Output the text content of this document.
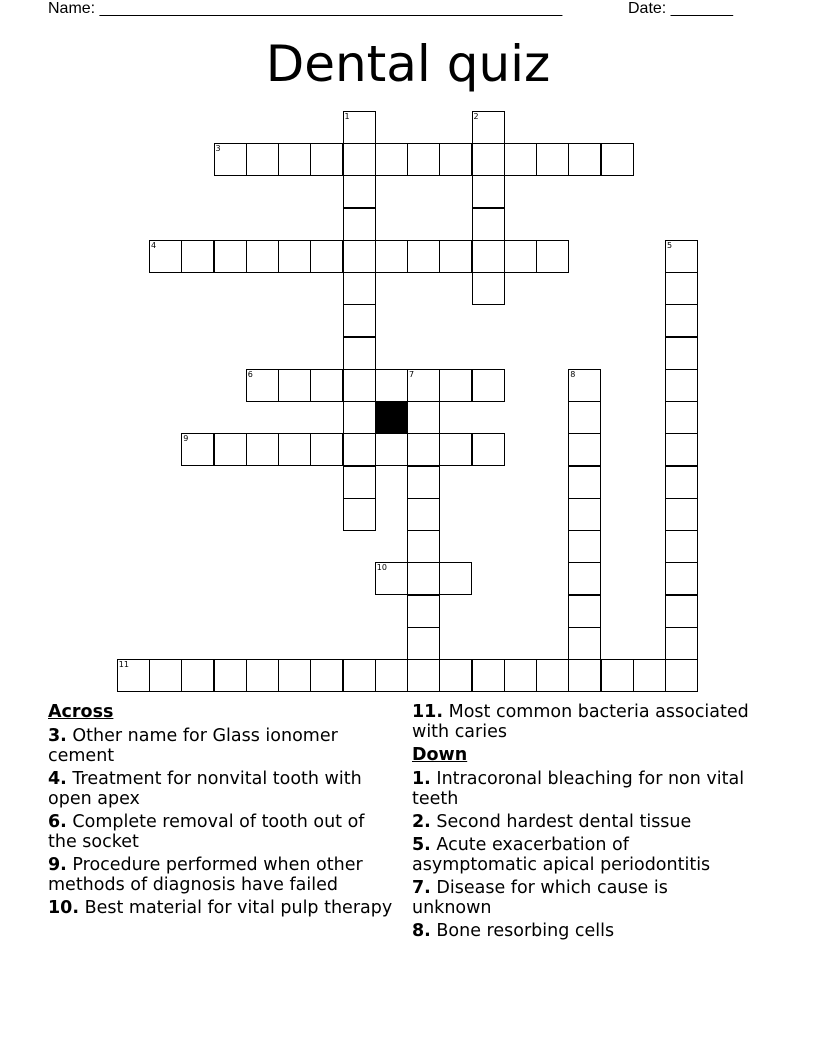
Name: ____________________________________________________	Date: _______
Dental quiz
1	2
3
4	5
6	7	8
9
10
11
Across
3. Other name for Glass ionomer cement
4. Treatment for nonvital tooth with open apex
6. Complete removal of tooth out of the socket
9. Procedure performed when other methods of diagnosis have failed
10. Best material for vital pulp therapy
11. Most common bacteria associated with caries
Down
1. Intracoronal bleaching for non vital teeth
2. Second hardest dental tissue
5. Acute exacerbation of asymptomatic apical periodontitis
7. Disease for which cause is unknown
8. Bone resorbing cells
